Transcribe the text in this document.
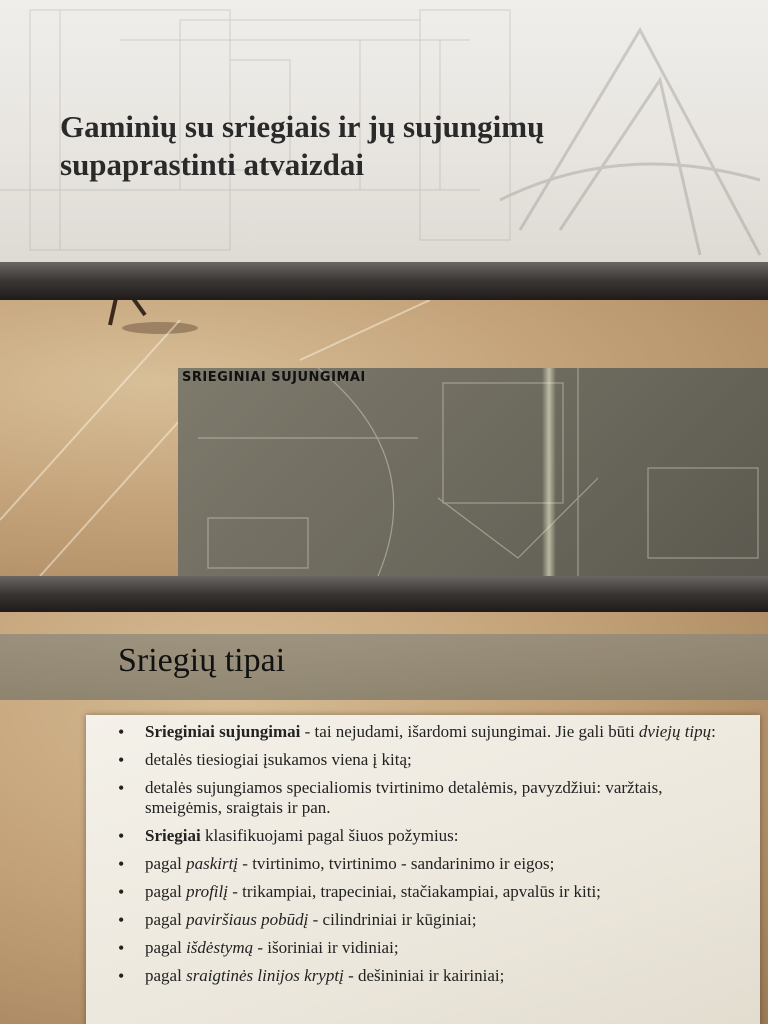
Gaminių su sriegiais ir jų sujungimų
supaprastinti atvaizdai
SRIEGINIAI SUJUNGIMAI
Sriegių tipai
• Srieginiai sujungimai - tai nejudami, išardomi sujungimai. Jie gali būti dviejų tipų:
• detalės tiesiogiai įsukamos viena į kitą;
• detalės sujungiamos specialiomis tvirtinimo detalėmis, pavyzdžiui: varžtais, smeigėmis, sraigtais ir pan.
• Sriegiai klasifikuojami pagal šiuos požymius:
• pagal paskirtį - tvirtinimo, tvirtinimo - sandarinimo ir eigos;
• pagal profilį - trikampiai, trapeciniai, stačiakampiai, apvalūs ir kiti;
• pagal paviršiaus pobūdį - cilindriniai ir kūginiai;
• pagal išdėstymą - išoriniai ir vidiniai;
• pagal sraigtinės linijos kryptį - dešininiai ir kairiniai;
